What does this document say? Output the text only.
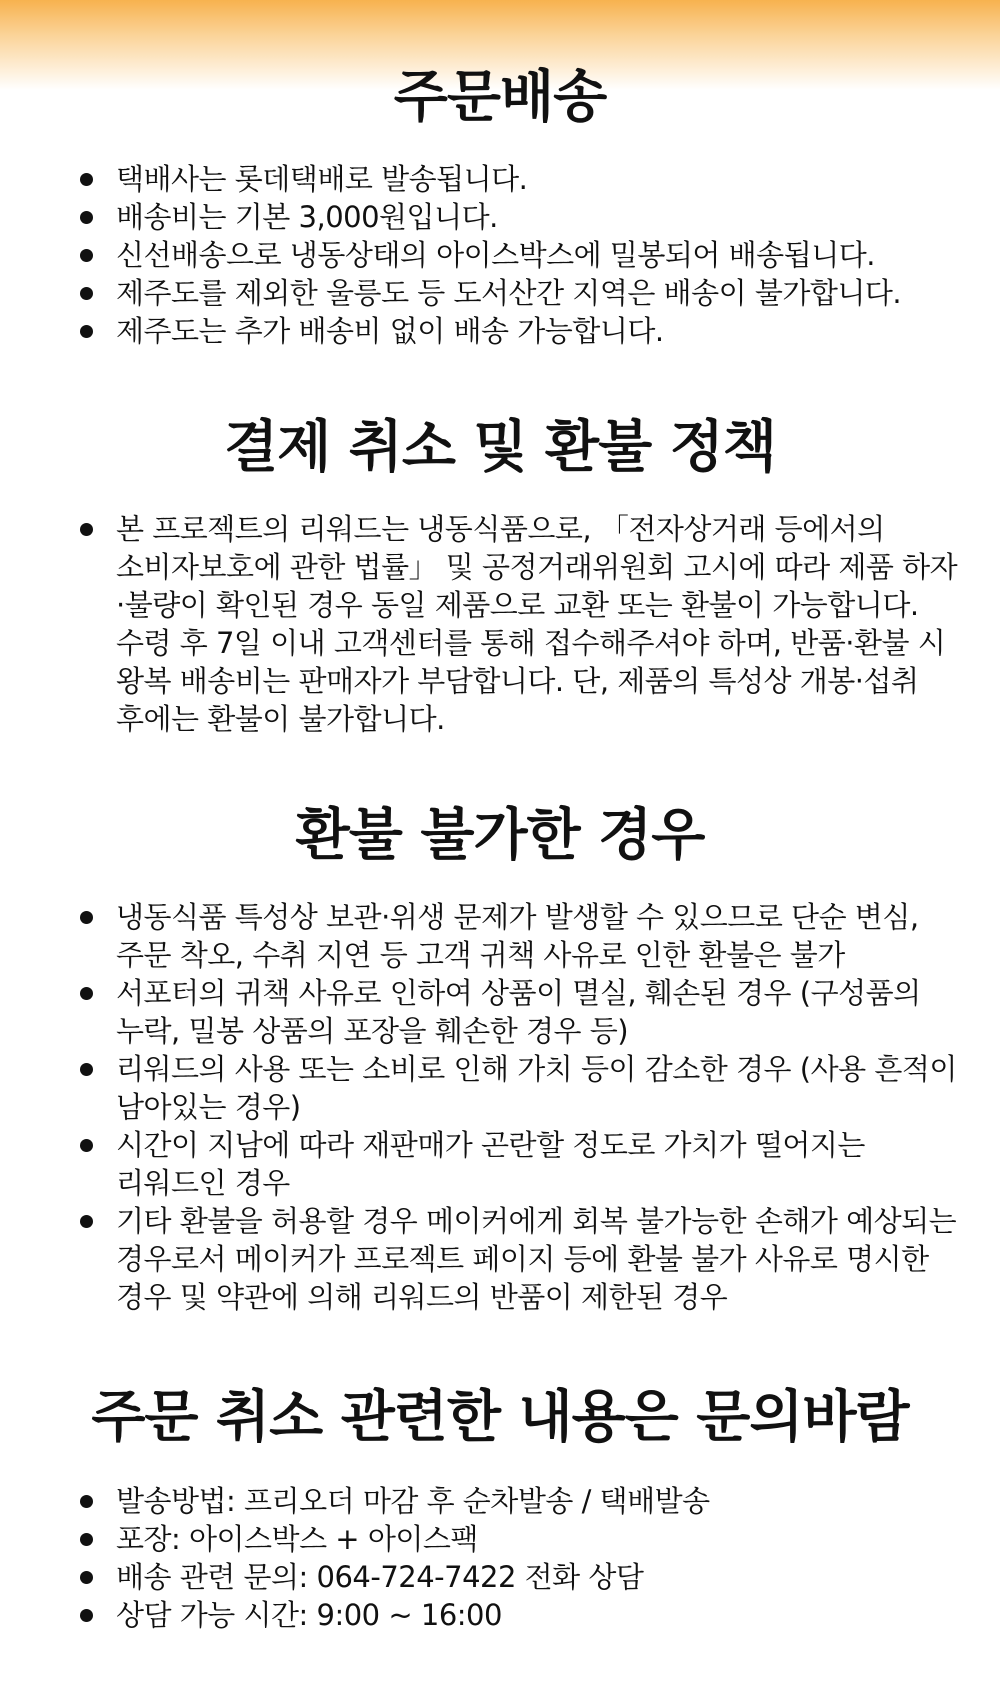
주문배송
택배사는 롯데택배로 발송됩니다.
배송비는 기본 3,000원입니다.
신선배송으로 냉동상태의 아이스박스에 밀봉되어 배송됩니다.
제주도를 제외한 울릉도 등 도서산간 지역은 배송이 불가합니다.
제주도는 추가 배송비 없이 배송 가능합니다.
결제 취소 및 환불 정책
본 프로젝트의 리워드는 냉동식품으로, 「전자상거래 등에서의 소비자보호에 관한 법률」 및 공정거래위원회 고시에 따라 제품 하자·불량이 확인된 경우 동일 제품으로 교환 또는 환불이 가능합니다. 수령 후 7일 이내 고객센터를 통해 접수해주셔야 하며, 반품·환불 시 왕복 배송비는 판매자가 부담합니다. 단, 제품의 특성상 개봉·섭취 후에는 환불이 불가합니다.
환불 불가한 경우
냉동식품 특성상 보관·위생 문제가 발생할 수 있으므로 단순 변심, 주문 착오, 수취 지연 등 고객 귀책 사유로 인한 환불은 불가
서포터의 귀책 사유로 인하여 상품이 멸실, 훼손된 경우 (구성품의 누락, 밀봉 상품의 포장을 훼손한 경우 등)
리워드의 사용 또는 소비로 인해 가치 등이 감소한 경우 (사용 흔적이 남아있는 경우)
시간이 지남에 따라 재판매가 곤란할 정도로 가치가 떨어지는 리워드인 경우
기타 환불을 허용할 경우 메이커에게 회복 불가능한 손해가 예상되는 경우로서 메이커가 프로젝트 페이지 등에 환불 불가 사유로 명시한 경우 및 약관에 의해 리워드의 반품이 제한된 경우
주문 취소 관련한 내용은 문의바람
발송방법: 프리오더 마감 후 순차발송 / 택배발송
포장: 아이스박스 + 아이스팩
배송 관련 문의: 064-724-7422 전화 상담
상담 가능 시간: 9:00 ~ 16:00
